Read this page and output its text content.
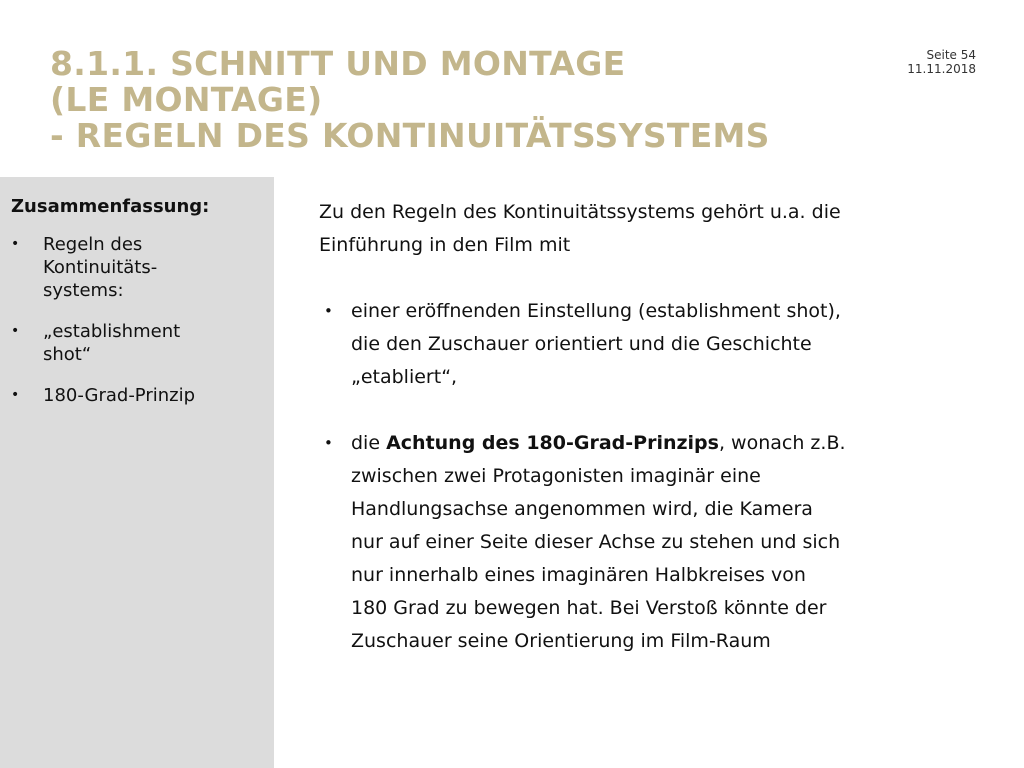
8.1.1. SCHNITT UND MONTAGE
(LE MONTAGE)
- REGELN DES KONTINUITÄTSSYSTEMS
Seite 54
11.11.2018
Zusammenfassung:
• Regeln des
Kontinuitäts-
systems:
• „establishment
shot“
• 180-Grad-Prinzip

Zu den Regeln des Kontinuitätssystems gehört u.a. die
Einführung in den Film mit

• einer eröffnenden Einstellung (establishment shot),
die den Zuschauer orientiert und die Geschichte
„etabliert“,
• die Achtung des 180-Grad-Prinzips, wonach z.B.
zwischen zwei Protagonisten imaginär eine
Handlungsachse angenommen wird, die Kamera
nur auf einer Seite dieser Achse zu stehen und sich
nur innerhalb eines imaginären Halbkreises von
180 Grad zu bewegen hat. Bei Verstoß könnte der
Zuschauer seine Orientierung im Film-Raum
